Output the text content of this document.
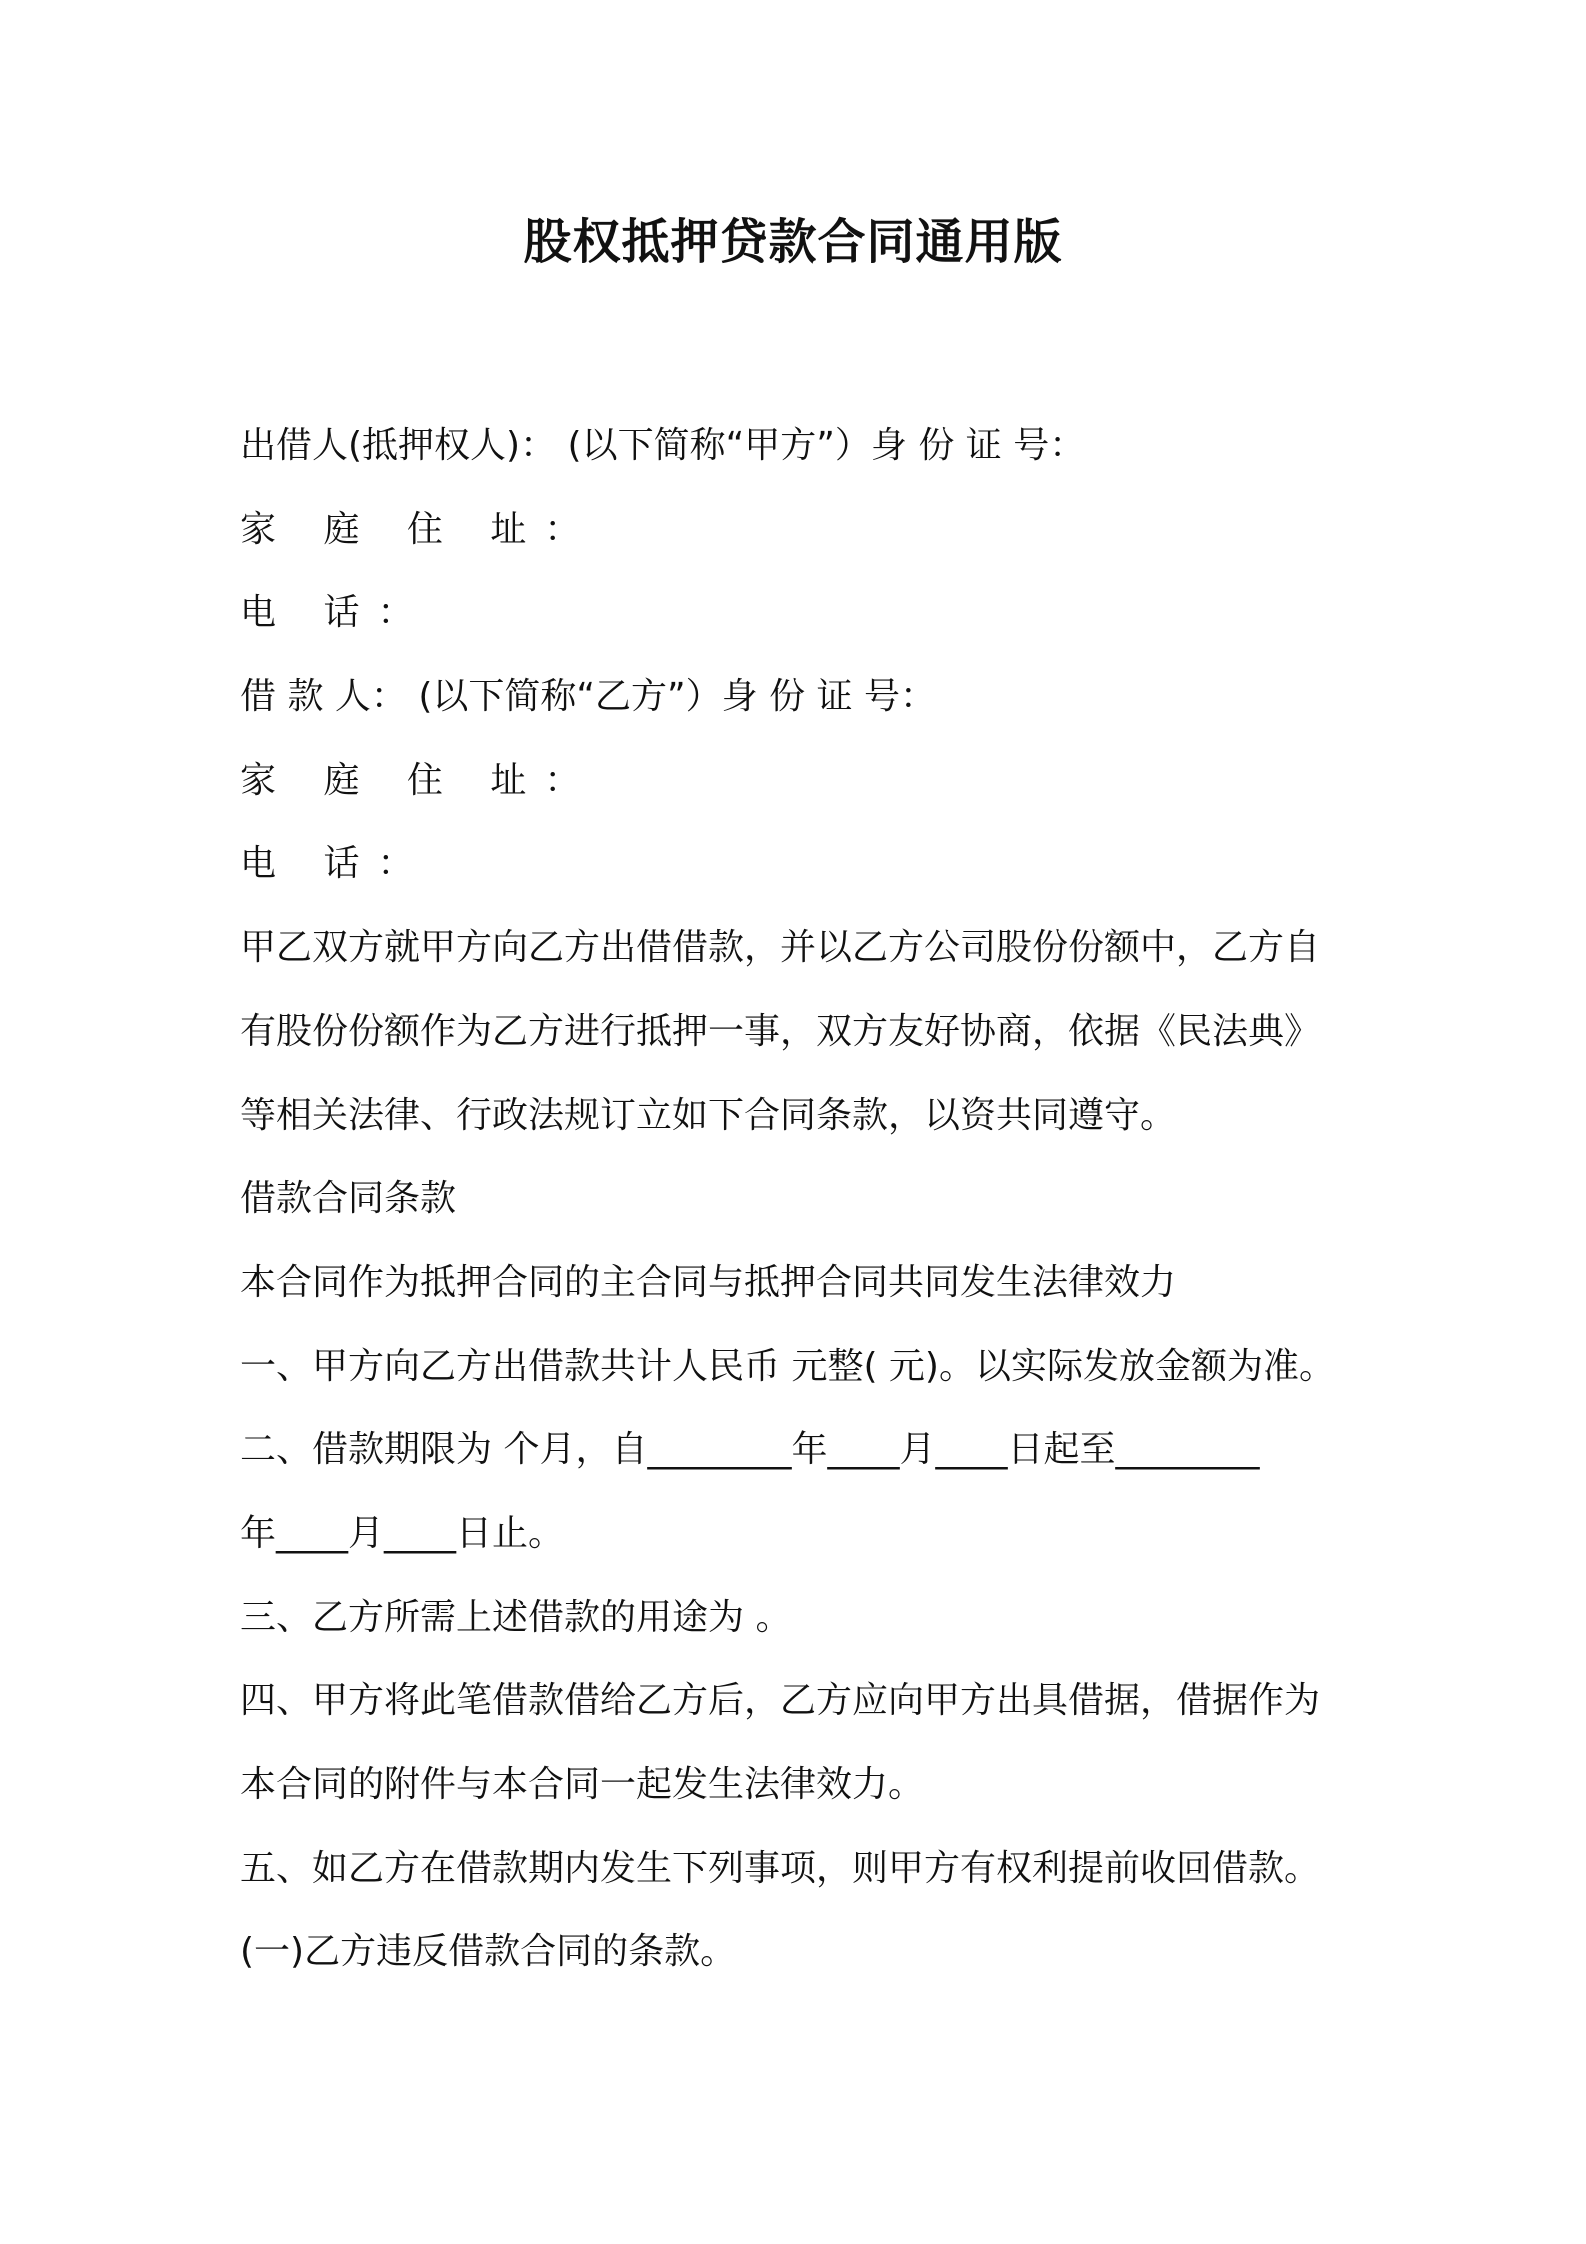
股权抵押贷款合同通用版
出借人(抵押权人)： (以下简称“甲方”）身 份 证 号：
家 庭 住 址：
电 话：
借 款 人： (以下简称“乙方”）身 份 证 号：
家 庭 住 址：
电 话：
甲乙双方就甲方向乙方出借借款，并以乙方公司股份份额中，乙方自
有股份份额作为乙方进行抵押一事，双方友好协商，依据《民法典》
等相关法律、行政法规订立如下合同条款，以资共同遵守。
借款合同条款
本合同作为抵押合同的主合同与抵押合同共同发生法律效力
一、甲方向乙方出借款共计人民币 元整( 元)。以实际发放金额为准。
二、借款期限为 个月，自________年____月____日起至________
年____月____日止。
三、乙方所需上述借款的用途为 。
四、甲方将此笔借款借给乙方后，乙方应向甲方出具借据，借据作为
本合同的附件与本合同一起发生法律效力。
五、如乙方在借款期内发生下列事项，则甲方有权利提前收回借款。
(一)乙方违反借款合同的条款。
